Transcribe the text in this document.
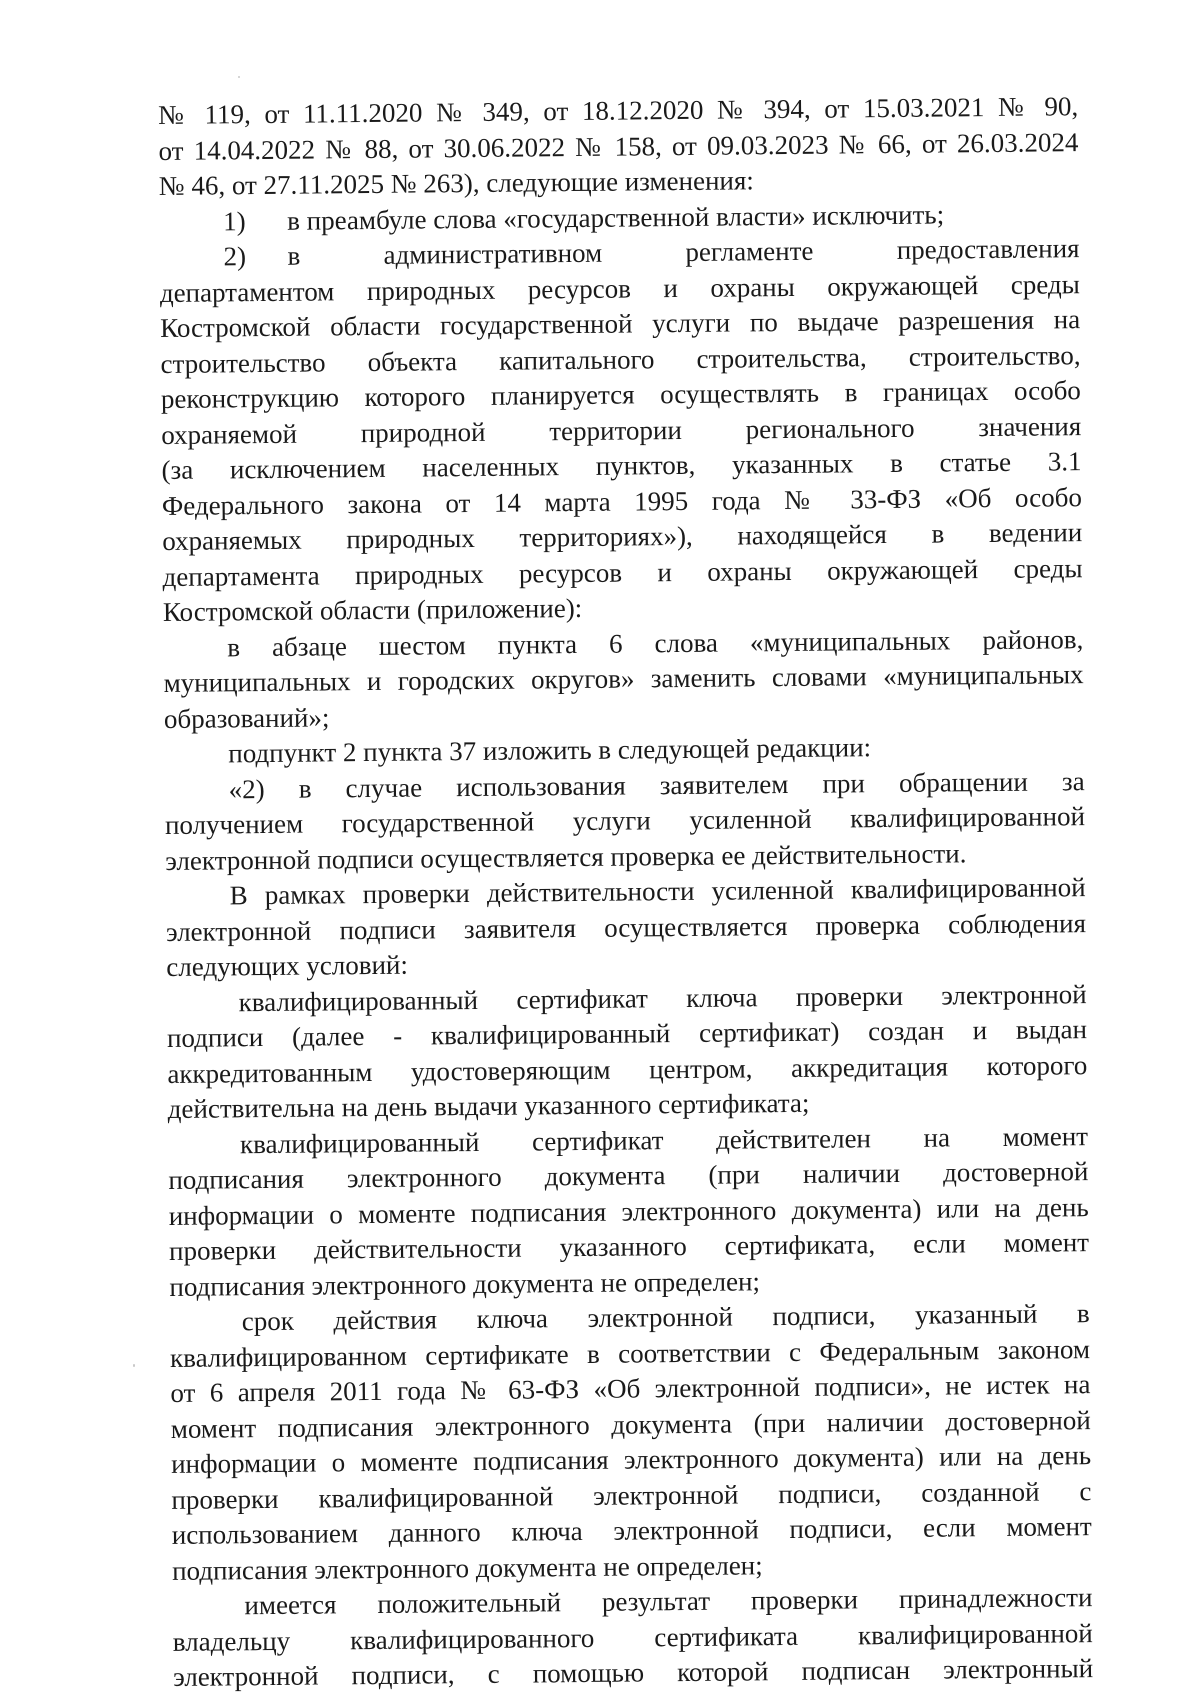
№ 119, от 11.11.2020 № 349, от 18.12.2020 № 394, от 15.03.2021 № 90,
от 14.04.2022 № 88, от 30.06.2022 № 158, от 09.03.2023 № 66, от 26.03.2024
№ 46, от 27.11.2025 № 263), следующие изменения:
1) в преамбуле слова «государственной власти» исключить;
2)	в административном регламенте предоставления
департаментом природных ресурсов и охраны окружающей среды
Костромской области государственной услуги по выдаче разрешения на
строительство объекта капитального строительства, строительство,
реконструкцию которого планируется осуществлять в границах особо
охраняемой природной территории регионального значения
(за исключением населенных пунктов, указанных в статье 3.1
Федерального закона от 14 марта 1995 года № 33-ФЗ «Об особо
охраняемых природных территориях»), находящейся в ведении
департамента природных ресурсов и охраны окружающей среды
Костромской области (приложение):
в абзаце шестом пункта 6 слова «муниципальных районов,
муниципальных и городских округов» заменить словами «муниципальных
образований»;
подпункт 2 пункта 37 изложить в следующей редакции:
«2) в случае использования заявителем при обращении за
получением государственной услуги усиленной квалифицированной
электронной подписи осуществляется проверка ее действительности.
В рамках проверки действительности усиленной квалифицированной
электронной подписи заявителя осуществляется проверка соблюдения
следующих условий:
квалифицированный сертификат ключа проверки электронной
подписи (далее - квалифицированный сертификат) создан и выдан
аккредитованным удостоверяющим центром, аккредитация которого
действительна на день выдачи указанного сертификата;
квалифицированный сертификат действителен на момент
подписания электронного документа (при наличии достоверной
информации о моменте подписания электронного документа) или на день
проверки действительности указанного сертификата, если момент
подписания электронного документа не определен;
срок действия ключа электронной подписи, указанный в
квалифицированном сертификате в соответствии с Федеральным законом
от 6 апреля 2011 года № 63-ФЗ «Об электронной подписи», не истек на
момент подписания электронного документа (при наличии достоверной
информации о моменте подписания электронного документа) или на день
проверки квалифицированной электронной подписи, созданной с
использованием данного ключа электронной подписи, если момент
подписания электронного документа не определен;
имеется положительный результат проверки принадлежности
владельцу квалифицированного сертификата квалифицированной
электронной подписи, с помощью которой подписан электронный
